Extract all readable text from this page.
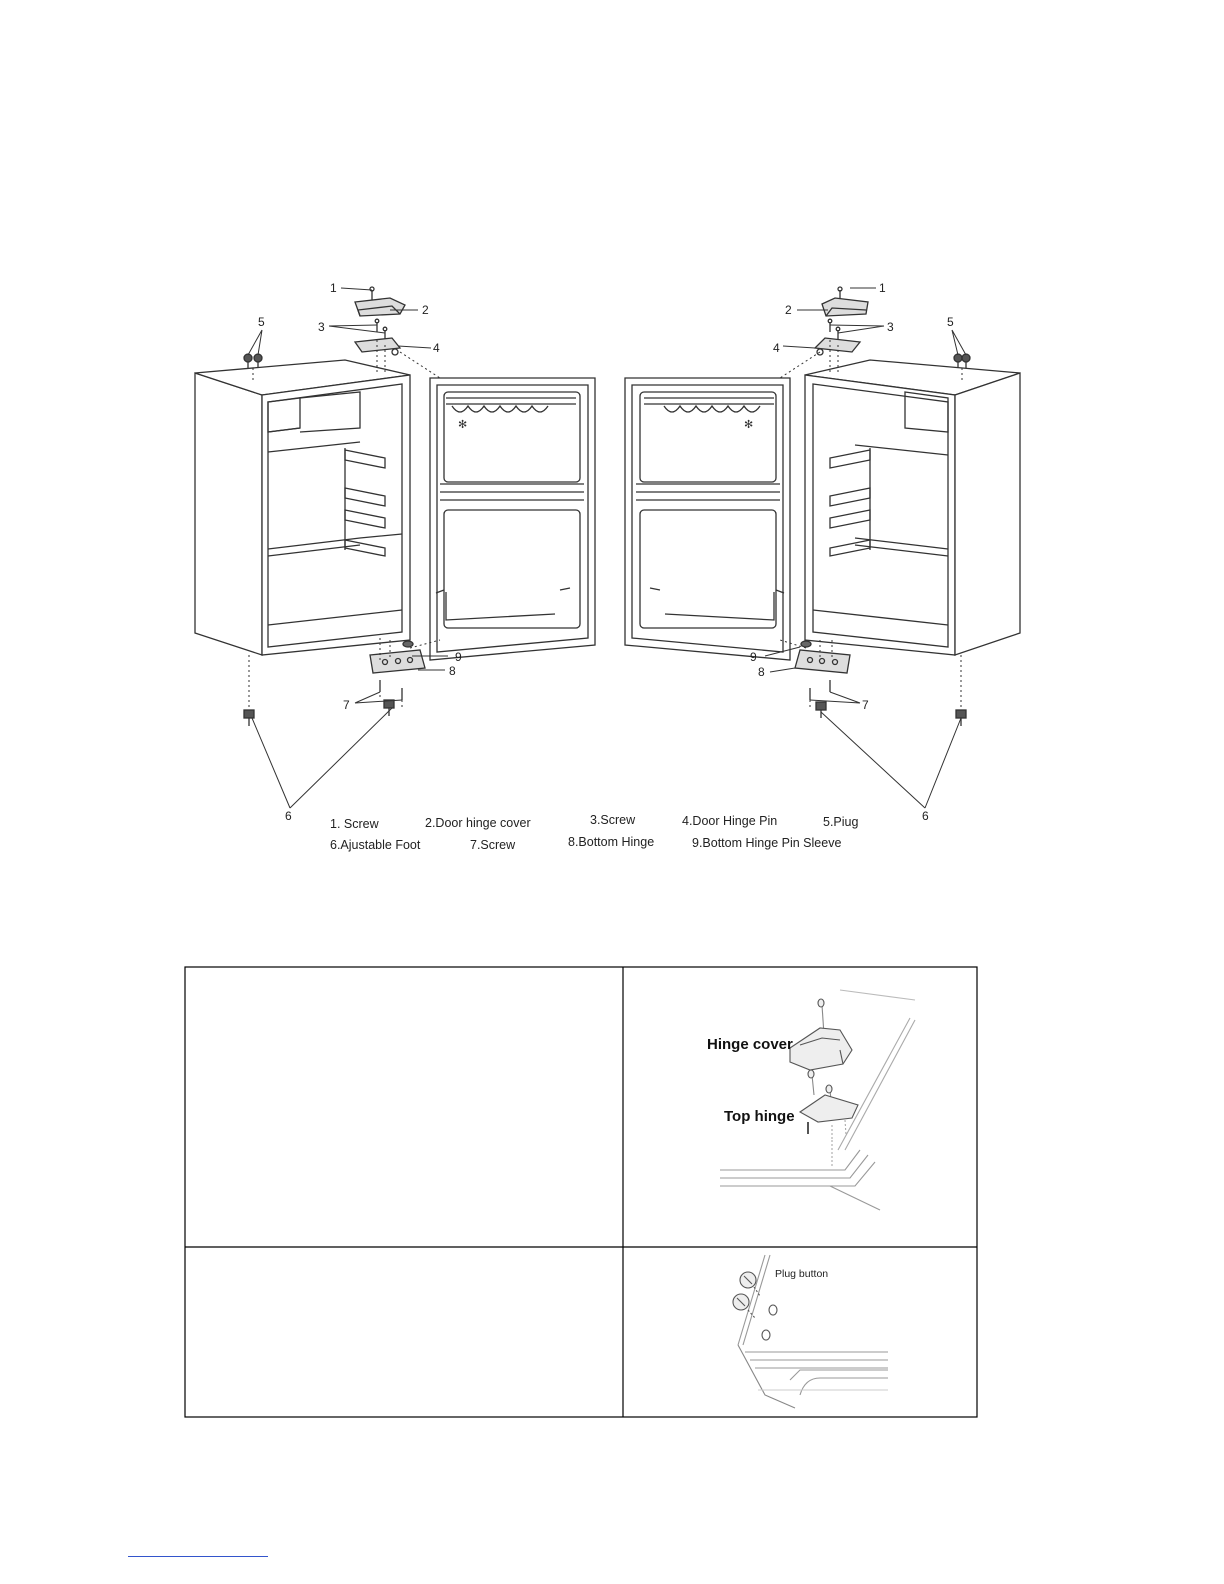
✻	✻
1
2
3
4
5
6
7
8
9
1
2
3
4
5
6
7
8
9
1. Screw	2.Door hinge cover	3.Screw	4.Door Hinge Pin	5.Piug
6.Ajustable Foot	7.Screw	8.Bottom Hinge	9.Bottom Hinge Pin Sleeve
Hinge cover
Top hinge
Plug button
